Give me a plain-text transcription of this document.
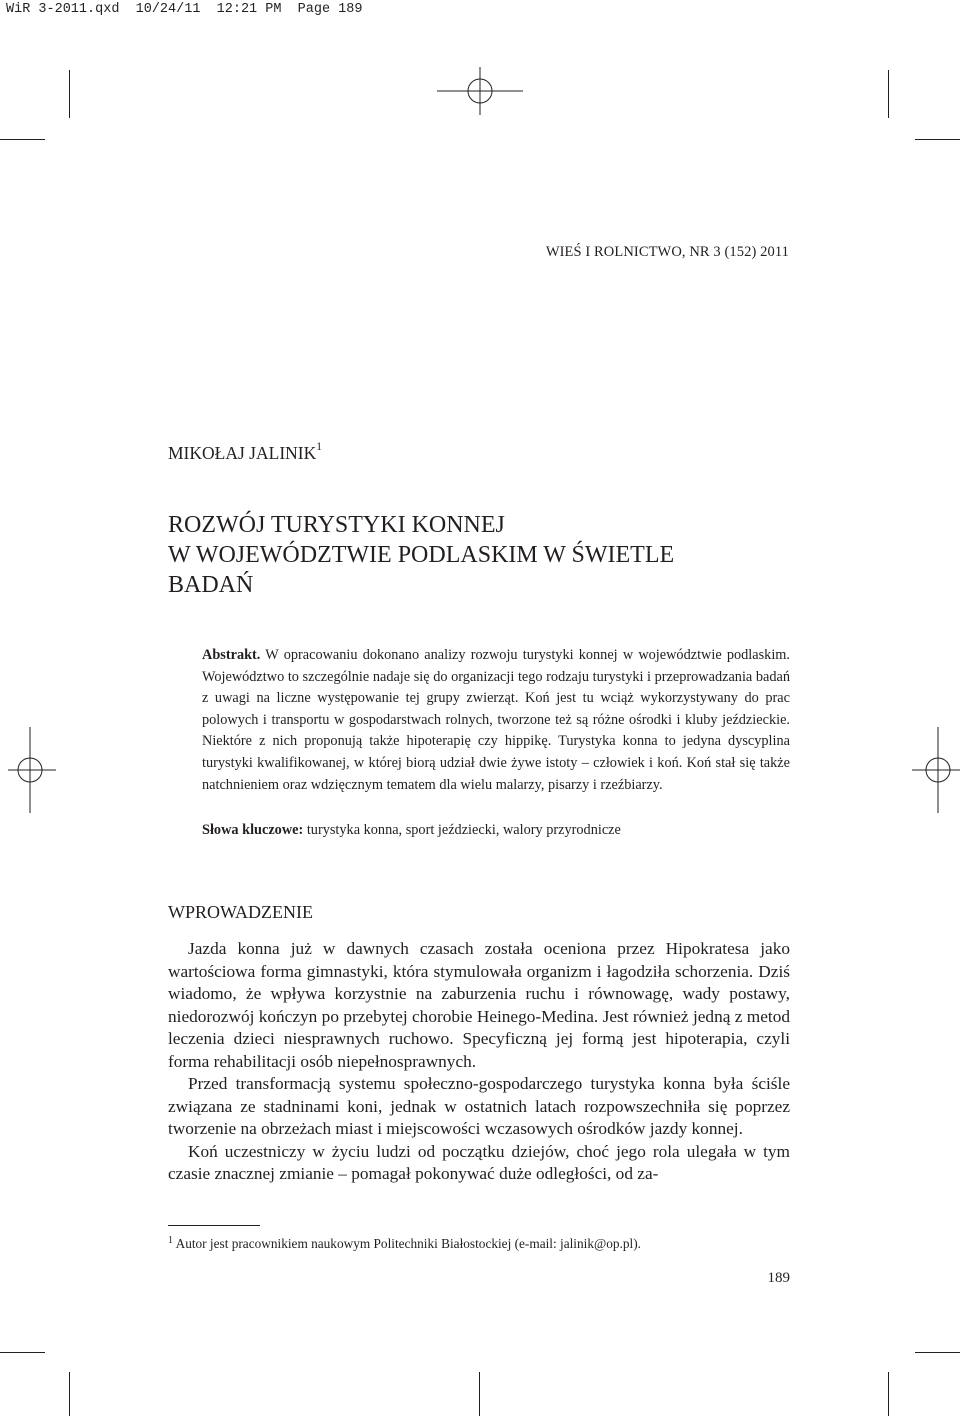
WiR 3-2011.qxd  10/24/11  12:21 PM  Page 189
WIEŚ I ROLNICTWO, NR 3 (152) 2011
MIKOŁAJ JALINIK$^1$
ROZWÓJ TURYSTYKI KONNEJ
W WOJEWÓDZTWIE PODLASKIM W ŚWIETLE
BADAŃ

Abstrakt. W opracowaniu dokonano analizy rozwoju turystyki konnej w województwie podlaskim. Województwo to szczególnie nadaje się do organizacji tego rodzaju turystyki i przeprowadzania badań z uwagi na liczne występowanie tej grupy zwierząt. Koń jest tu wciąż wykorzystywany do prac polowych i transportu w gospodarstwach rolnych, tworzone też są różne ośrodki i kluby jeździeckie. Niektóre z nich proponują także hipoterapię czy hippikę. Turystyka konna to jedyna dyscyplina turystyki kwalifikowanej, w której biorą udział dwie żywe istoty – człowiek i koń. Koń stał się także natchnieniem oraz wdzięcznym tematem dla wielu malarzy, pisarzy i rzeźbiarzy.

Słowa kluczowe: turystyka konna, sport jeździecki, walory przyrodnicze
WPROWADZENIE

Jazda konna już w dawnych czasach została oceniona przez Hipokratesa jako wartościowa forma gimnastyki, która stymulowała organizm i łagodziła schorzenia. Dziś wiadomo, że wpływa korzystnie na zaburzenia ruchu i równowagę, wady postawy, niedorozwój kończyn po przebytej chorobie Heinego-Medina. Jest również jedną z metod leczenia dzieci niesprawnych ruchowo. Specyficzną jej formą jest hipoterapia, czyli forma rehabilitacji osób niepełnosprawnych.

Przed transformacją systemu społeczno-gospodarczego turystyka konna była ściśle związana ze stadninami koni, jednak w ostatnich latach rozpowszechniła się poprzez tworzenie na obrzeżach miast i miejscowości wczasowych ośrodków jazdy konnej.

Koń uczestniczy w życiu ludzi od początku dziejów, choć jego rola ulegała w tym czasie znacznej zmianie – pomagał pokonywać duże odległości, od za-

$^1$ Autor jest pracownikiem naukowym Politechniki Białostockiej (e-mail: jalinik@op.pl).
189
